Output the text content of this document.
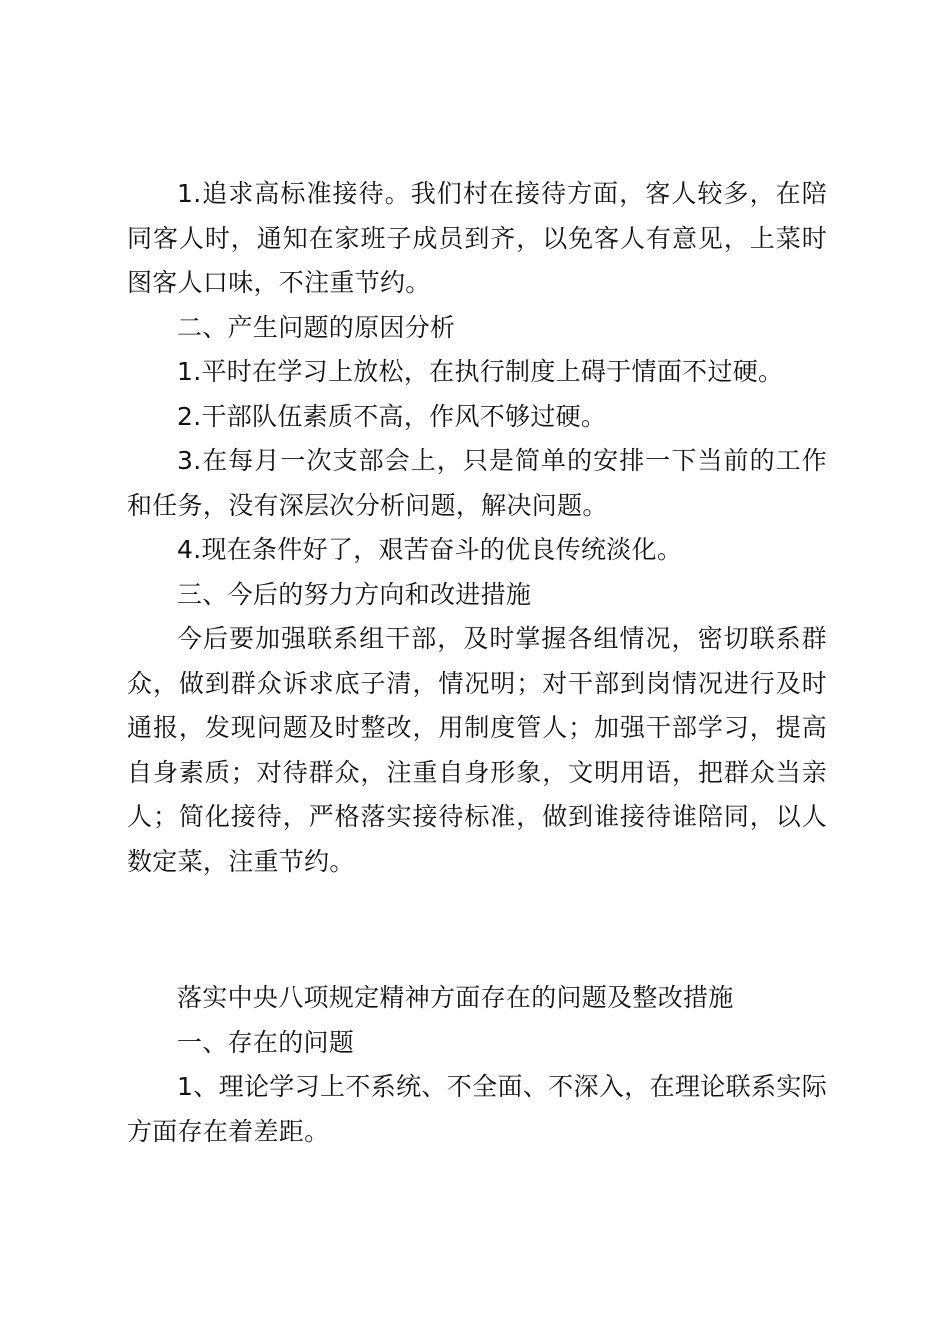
1.追求高标准接待。我们村在接待方面，客人较多，在陪同客人时，通知在家班子成员到齐，以免客人有意见，上菜时图客人口味，不注重节约。

二、产生问题的原因分析

1.平时在学习上放松，在执行制度上碍于情面不过硬。

2.干部队伍素质不高，作风不够过硬。

3.在每月一次支部会上，只是简单的安排一下当前的工作和任务，没有深层次分析问题，解决问题。

4.现在条件好了，艰苦奋斗的优良传统淡化。

三、今后的努力方向和改进措施

今后要加强联系组干部，及时掌握各组情况，密切联系群众，做到群众诉求底子清，情况明；对干部到岗情况进行及时通报，发现问题及时整改，用制度管人；加强干部学习，提高自身素质；对待群众，注重自身形象，文明用语，把群众当亲人；简化接待，严格落实接待标准，做到谁接待谁陪同，以人数定菜，注重节约。

落实中央八项规定精神方面存在的问题及整改措施

一、存在的问题

1、理论学习上不系统、不全面、不深入，在理论联系实际方面存在着差距。
